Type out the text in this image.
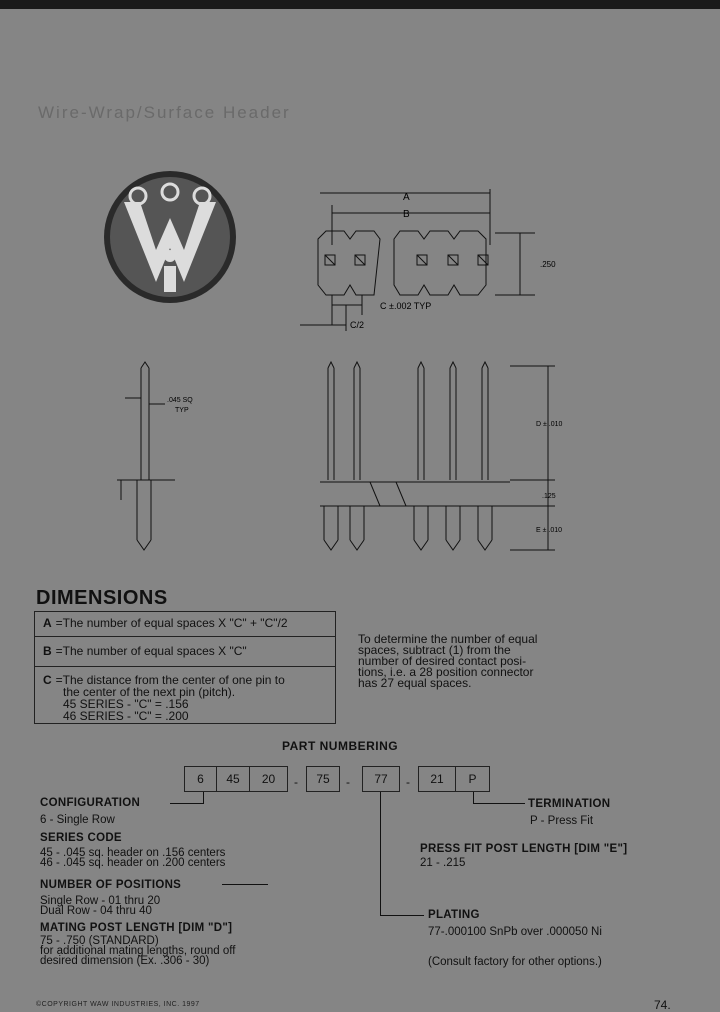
Wire-Wrap/Surface Header
A
B
.250
C ±.002 TYP
C/2
.045 SQ
TYP
D ± .010
.125
E ± .010
DIMENSIONS
A =The number of equal spaces X "C" + "C"/2
B =The number of equal spaces X "C"
C =The distance from the center of one pin to
the center of the next pin (pitch).
45 SERIES - "C" = .156
46 SERIES - "C" = .200
To determine the number of equal
spaces, subtract (1) from the
number of desired contact posi-
tions, i.e. a 28 position connector
has 27 equal spaces.
PART NUMBERING
6	45	20	-	75	-	77	-	21	P
CONFIGURATION
6 - Single Row
SERIES CODE
45 - .045 sq. header on .156 centers
46 - .045 sq. header on .200 centers
NUMBER OF POSITIONS
Single Row - 01 thru 20
Dual Row - 04 thru 40
MATING POST LENGTH [DIM "D"]
75 - .750 (STANDARD)
for additional mating lengths, round off
desired dimension (Ex. .306 - 30)
TERMINATION
P - Press Fit
PRESS FIT POST LENGTH [DIM "E"]
21 - .215
PLATING
77-.000100 SnPb over .000050 Ni
(Consult factory for other options.)
©COPYRIGHT WAW INDUSTRIES, INC. 1997	74.
